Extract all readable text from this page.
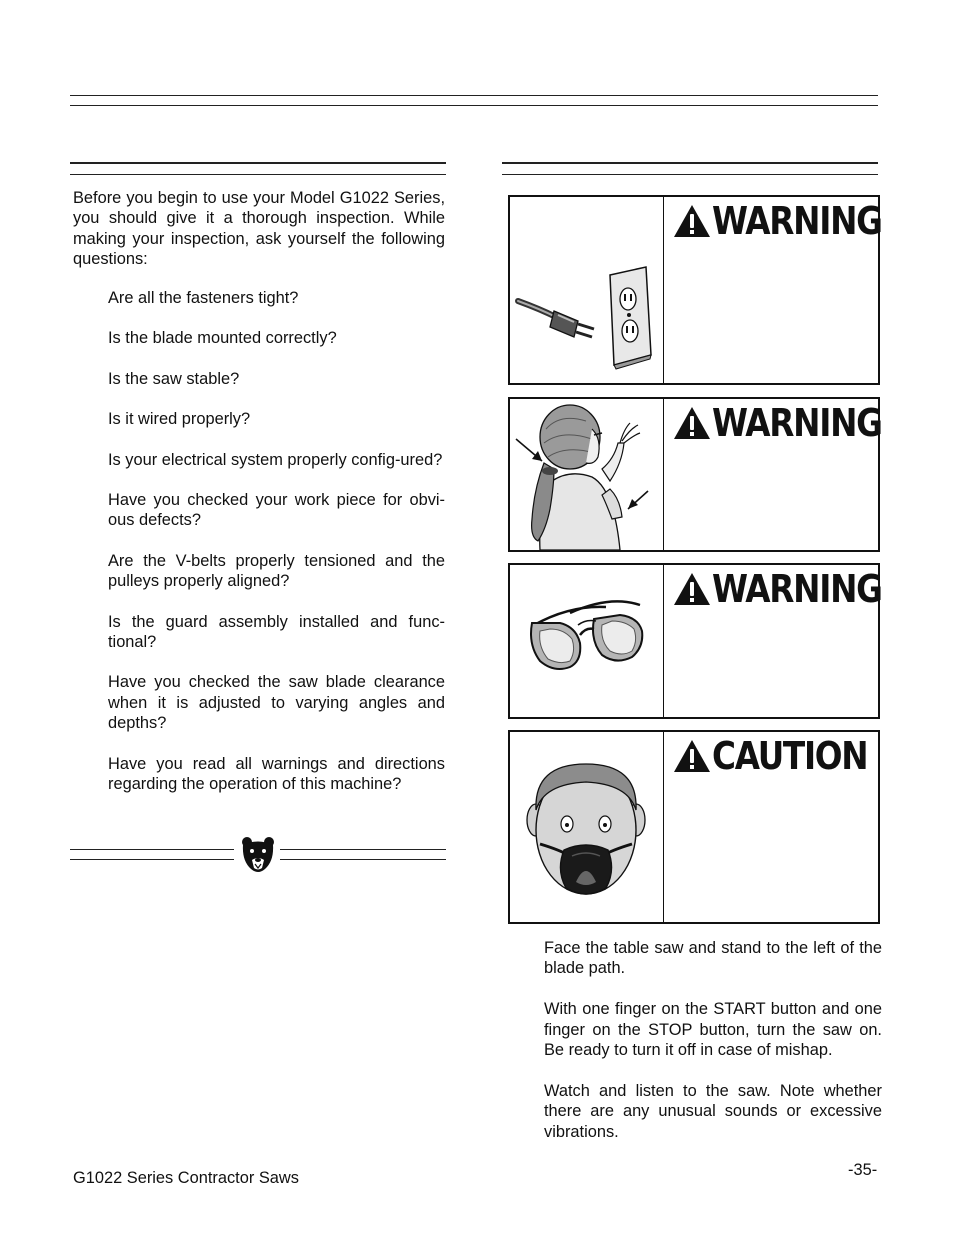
Before you begin to use your Model G1022 Series, you should give it a thorough inspection. While making your inspection, ask yourself the following questions:

Are all the fasteners tight?
Is the blade mounted correctly?
Is the saw stable?
Is it wired properly?
Is your electrical system properly config-ured?
Have you checked your work piece for obvi-ous defects?
Are the V-belts properly tensioned and the pulleys properly aligned?
Is the guard assembly installed and func-tional?
Have you checked the saw blade clearance when it is adjusted to varying angles and depths?
Have you read all warnings and directions regarding the operation of this machine?
WARNING
WARNING
WARNING
CAUTION
Face the table saw and stand to the left of the blade path.
With one finger on the START button and one finger on the STOP button, turn the saw on. Be ready to turn it off in case of mishap.
Watch and listen to the saw. Note whether there are any unusual sounds or excessive vibrations.
G1022 Series Contractor Saws	-35-
